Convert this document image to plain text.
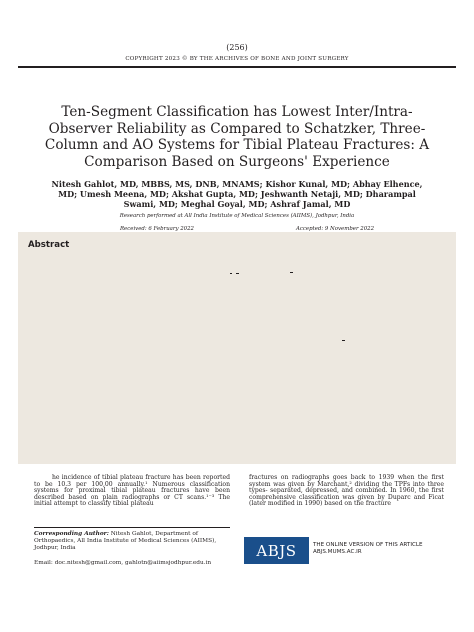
(256)
COPYRIGHT 2023 © BY THE ARCHIVES OF BONE AND JOINT SURGERY
Ten-Segment Classification has Lowest Inter/Intra-Observer Reliability as Compared to Schatzker, Three-Column and AO Systems for Tibial Plateau Fractures: A Comparison Based on Surgeons' Experience

Nitesh Gahlot, MD, MBBS, MS, DNB, MNAMS; Kishor Kunal, MD; Abhay Elhence, MD; Umesh Meena, MD; Akshat Gupta, MD; Jeshwanth Netaji, MD; Dharampal Swami, MD; Meghal Goyal, MD; Ashraf Jamal, MD

Research performed at All India Institute of Medical Sciences (AIIMS), Jodhpur, India
Received: 6 February 2022	Accepted: 9 November 2022
Abstract

he incidence of tibial plateau fracture has been reported to be 10.3 per 100,00 annually.¹ Numerous classification systems for proximal tibial plateau fractures have been described based on plain radiographs or CT scans.¹⁻³ The initial attempt to classify tibial plateau

fractures on radiographs goes back to 1939 when the first system was given by Marchant,² dividing the TPFs into three types- separated, depressed, and combined. In 1960, the first comprehensive classification was given by Duparc and Ficat (later modified in 1990) based on the fracture

Corresponding Author: Nitesh Gahlot, Department of Orthopaedics, All India Institute of Medical Sciences (AIIMS), Jodhpur, India

Email: doc.nitesh@gmail.com, gahlotn@aiimsjodhpur.edu.in
ABJS	THE ONLINE VERSION OF THIS ARTICLE
ABJS.MUMS.AC.IR
